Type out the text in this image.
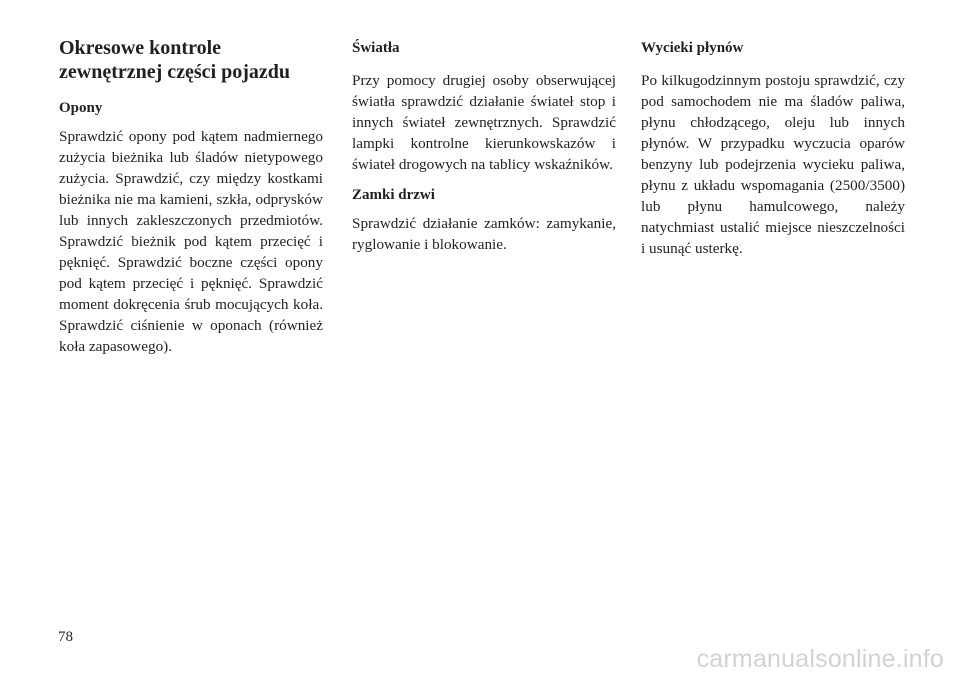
Okresowe kontrole
zewnętrznej części pojazdu
Opony
Sprawdzić opony pod kątem nadmiernego zużycia bieżnika lub śladów nietypowego zużycia. Sprawdzić, czy między kostkami bieżnika nie ma kamieni, szkła, odprysków lub innych zakleszczonych przedmiotów. Sprawdzić bieżnik pod kątem przecięć i pęknięć. Sprawdzić boczne części opony pod kątem przecięć i pęknięć. Sprawdzić moment dokręcenia śrub mocujących koła. Sprawdzić ciśnienie w oponach (również koła zapasowego).
Światła
Przy pomocy drugiej osoby obserwującej światła sprawdzić działanie świateł stop i innych świateł zewnętrznych. Sprawdzić lampki kontrolne kierunkowskazów i świateł drogowych na tablicy wskaźników.
Zamki drzwi
Sprawdzić działanie zamków: zamykanie, ryglowanie i blokowanie.
Wycieki płynów
Po kilkugodzinnym postoju sprawdzić, czy pod samochodem nie ma śladów paliwa, płynu chłodzącego, oleju lub innych płynów. W przypadku wyczucia oparów benzyny lub podejrzenia wycieku paliwa, płynu z układu wspomagania (2500/3500) lub płynu hamulcowego, należy natychmiast ustalić miejsce nieszczelności i usunąć usterkę.
78
carmanualsonline.info
